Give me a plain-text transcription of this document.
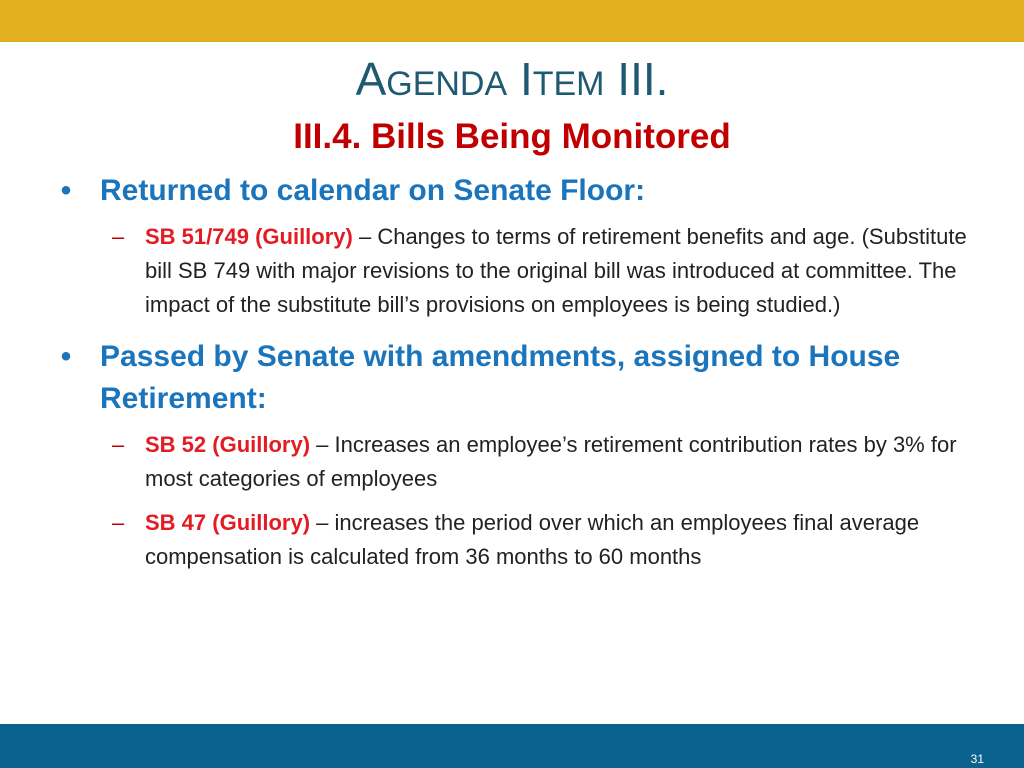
AGENDA ITEM III.
III.4. Bills Being Monitored
• Returned to calendar on Senate Floor:
– SB 51/749 (Guillory) – Changes to terms of retirement benefits and age. (Substitute bill SB 749 with major revisions to the original bill was introduced at committee. The impact of the substitute bill’s provisions on employees is being studied.)
• Passed by Senate with amendments, assigned to House Retirement:
– SB 52 (Guillory) – Increases an employee’s retirement contribution rates by 3% for most categories of employees
– SB 47 (Guillory) – increases the period over which an employees final average compensation is calculated from 36 months to 60 months
31
